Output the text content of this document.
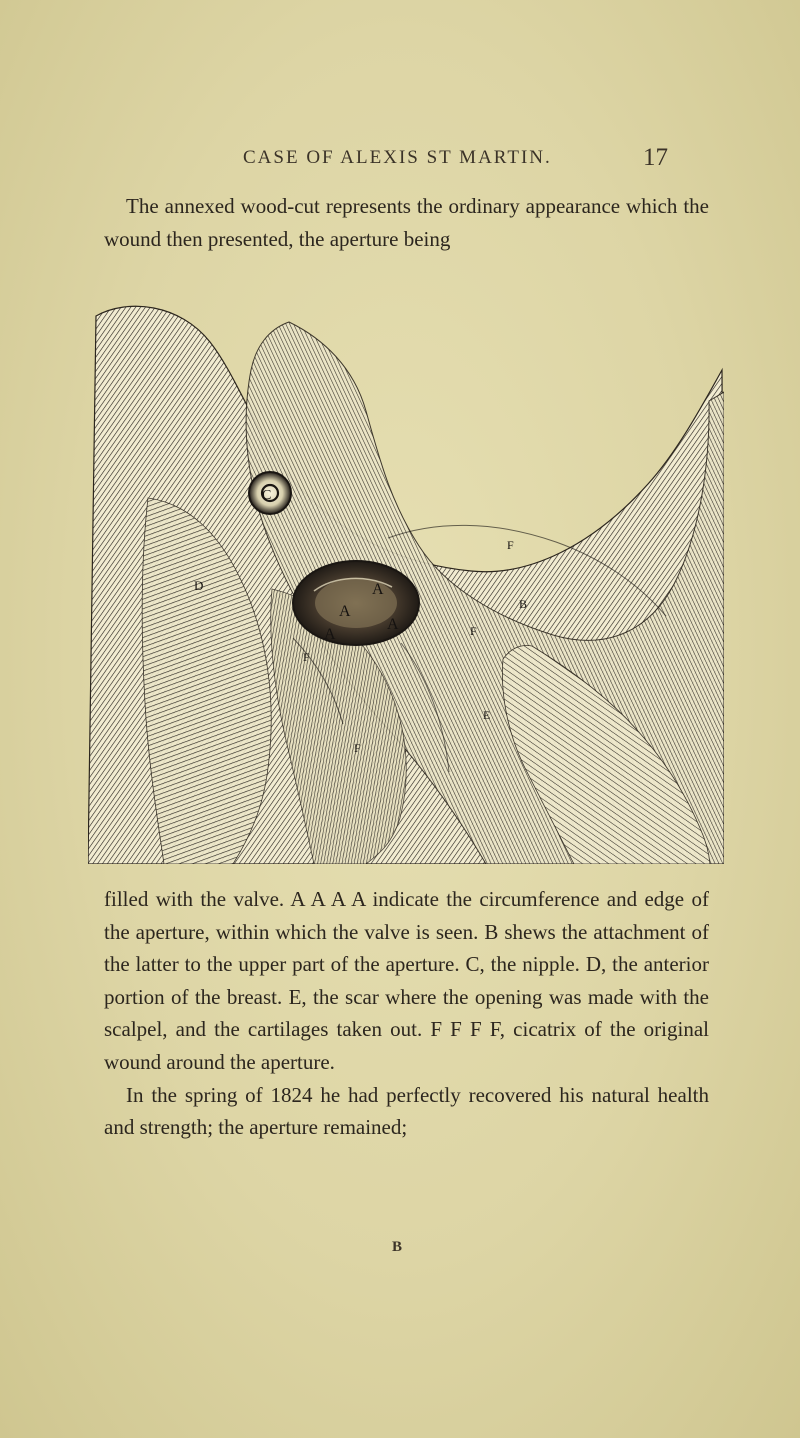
CASE OF ALEXIS ST MARTIN.	17

The annexed wood-cut represents the ordinary appearance which the wound then presented, the aperture being

A
A
A
A
B
C
D
E
F
F
F
F

filled with the valve. A A A A indicate the circumference and edge of the aperture, within which the valve is seen. B shews the attachment of the latter to the upper part of the aperture. C, the nipple. D, the anterior portion of the breast. E, the scar where the opening was made with the scalpel, and the cartilages taken out. F F F F, cicatrix of the original wound around the aperture.

In the spring of 1824 he had perfectly recovered his natural health and strength; the aperture remained;

B
